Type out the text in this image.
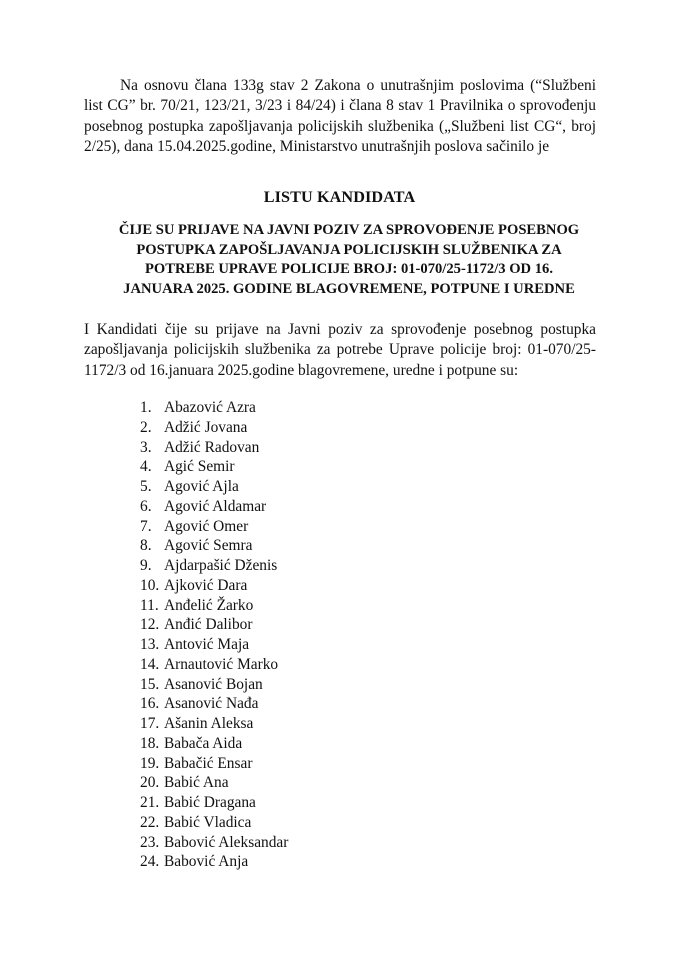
Na osnovu člana 133g stav 2 Zakona o unutrašnjim poslovima (“Službeni list CG” br. 70/21, 123/21, 3/23 i 84/24) i člana 8 stav 1 Pravilnika o sprovođenju posebnog postupka zapošljavanja policijskih službenika („Službeni list CG“, broj 2/25), dana 15.04.2025.godine, Ministarstvo unutrašnjih poslova sačinilo je

LISTU KANDIDATA
ČIJE SU PRIJAVE NA JAVNI POZIV ZA SPROVOĐENJE POSEBNOG POSTUPKA ZAPOŠLJAVANJA POLICIJSKIH SLUŽBENIKA ZA POTREBE UPRAVE POLICIJE BROJ: 01-070/25-1172/3 OD 16. JANUARA 2025. GODINE BLAGOVREMENE, POTPUNE I UREDNE

I Kandidati čije su prijave na Javni poziv za sprovođenje posebnog postupka zapošljavanja policijskih službenika za potrebe Uprave policije broj: 01-070/25-1172/3 od 16.januara 2025.godine blagovremene, uredne i potpune su:

1. Abazović Azra
2. Adžić Jovana
3. Adžić Radovan
4. Agić Semir
5. Agović Ajla
6. Agović Aldamar
7. Agović Omer
8. Agović Semra
9. Ajdarpašić Dženis
10. Ajković Dara
11. Anđelić Žarko
12. Anđić Dalibor
13. Antović Maja
14. Arnautović Marko
15. Asanović Bojan
16. Asanović Nađa
17. Ašanin Aleksa
18. Babača Aida
19. Babačić Ensar
20. Babić Ana
21. Babić Dragana
22. Babić Vladica
23. Babović Aleksandar
24. Babović Anja
